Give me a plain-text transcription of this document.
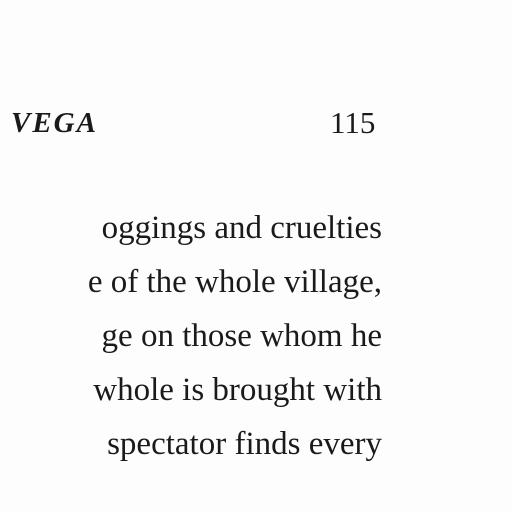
VEGA	115
oggings and cruelties
e of the whole village,
ge on those whom he
whole is brought with
spectator finds every
